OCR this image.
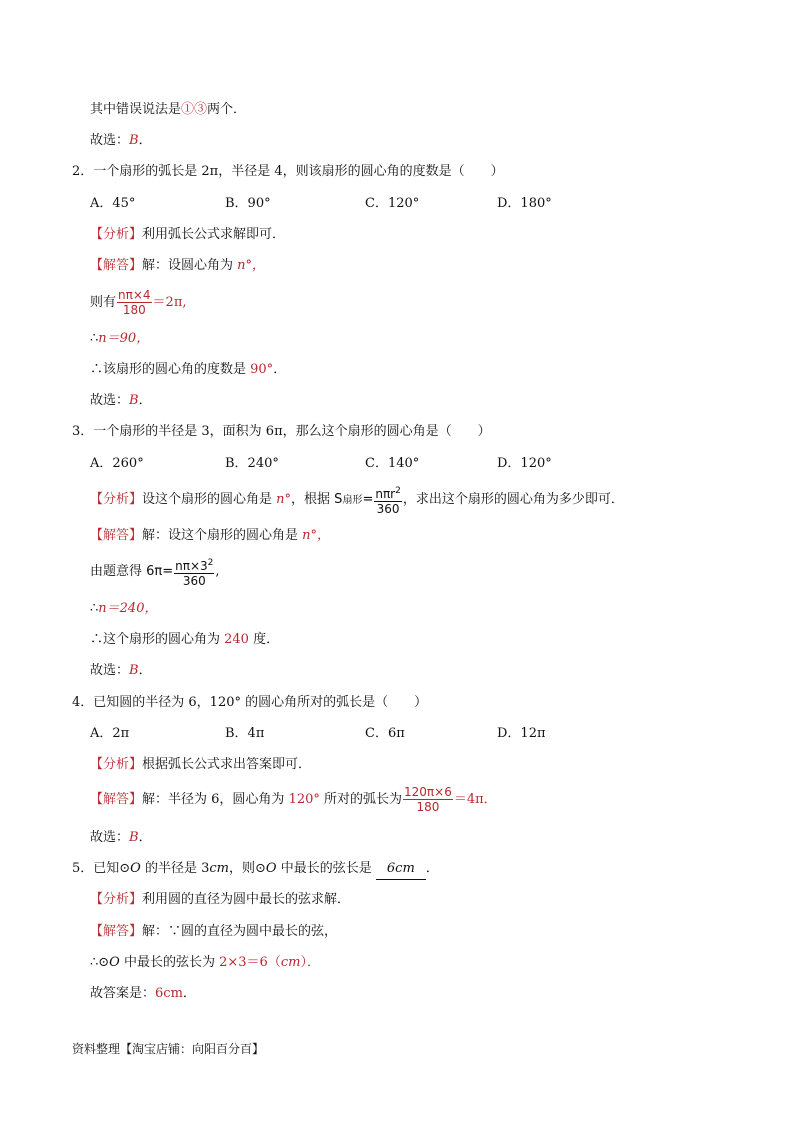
其中错误说法是①③两个．
故选：B．
2．一个扇形的弧长是 2π，半径是 4，则该扇形的圆心角的度数是（　　）
A．45°	B．90°	C．120°	D．180°
【分析】利用弧长公式求解即可．
【解答】解：设圆心角为 n°，
则有 $\frac{n\pi\times 4}{180} =2\pi$,
∴n＝90，
∴该扇形的圆心角的度数是 90°．
故选：B．
3．一个扇形的半径是 3，面积为 6π，那么这个扇形的圆心角是（　　）
A．260°	B．240°	C．140°	D．120°
【分析】设这个扇形的圆心角是 n°，根据 S扇形= $\frac{n\pi r^2}{360}$ ，求出这个扇形的圆心角为多少即可．
【解答】解：设这个扇形的圆心角是 n°，
由题意得 $6\pi= \frac{n\pi\times 3^2}{360}$ ,
∴n＝240，
∴这个扇形的圆心角为 240 度．
故选：B．
4．已知圆的半径为 6，120° 的圆心角所对的弧长是（　　）
A．2π	B．4π	C．6π	D．12π
【分析】根据弧长公式求出答案即可．
【解答】解：半径为 6，圆心角为 120° 所对的弧长为 $\frac{120\pi\times 6}{180} =4\pi$．
故选：B．
5．已知⊙O 的半径是 3cm，则⊙O 中最长的弦长是 6cm ．
【分析】利用圆的直径为圆中最长的弦求解．
【解答】解：∵圆的直径为圆中最长的弦，
∴⊙O 中最长的弦长为 2×3＝6（cm）．
故答案是：6cm．
资料整理【淘宝店铺：向阳百分百】
